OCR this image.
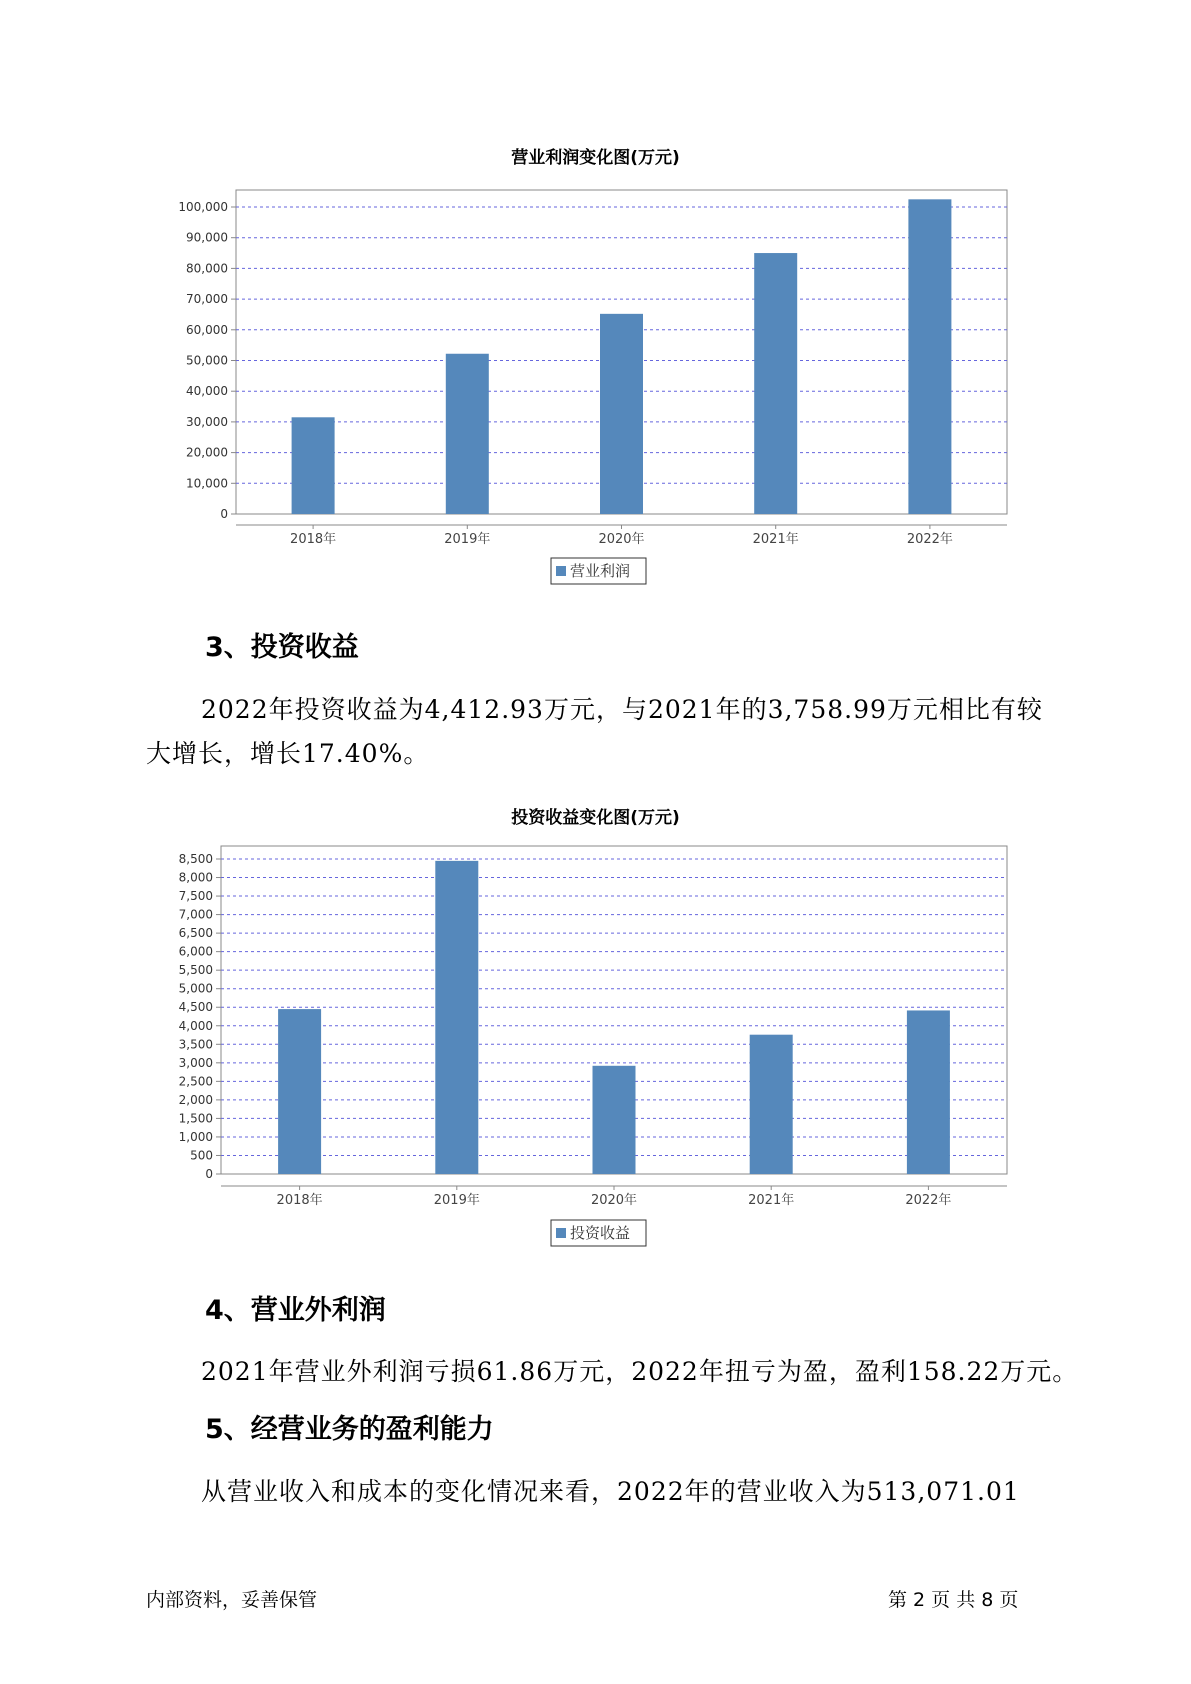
营业利润变化图(万元)
0
10,000
20,000
30,000
40,000
50,000
60,000
70,000
80,000
90,000
100,000
2018年	2019年	2020年	2021年	2022年
营业利润
3、投资收益
2022年投资收益为4,412.93万元，与2021年的3,758.99万元相比有较
大增长，增长17.40%。
投资收益变化图(万元)
0
500
1,000
1,500
2,000
2,500
3,000
3,500
4,000
4,500
5,000
5,500
6,000
6,500
7,000
7,500
8,000
8,500
2018年	2019年	2020年	2021年	2022年
投资收益
4、营业外利润
2021年营业外利润亏损61.86万元，2022年扭亏为盈，盈利158.22万元。
5、经营业务的盈利能力
从营业收入和成本的变化情况来看，2022年的营业收入为513,071.01
内部资料，妥善保管	第 2 页 共 8 页
